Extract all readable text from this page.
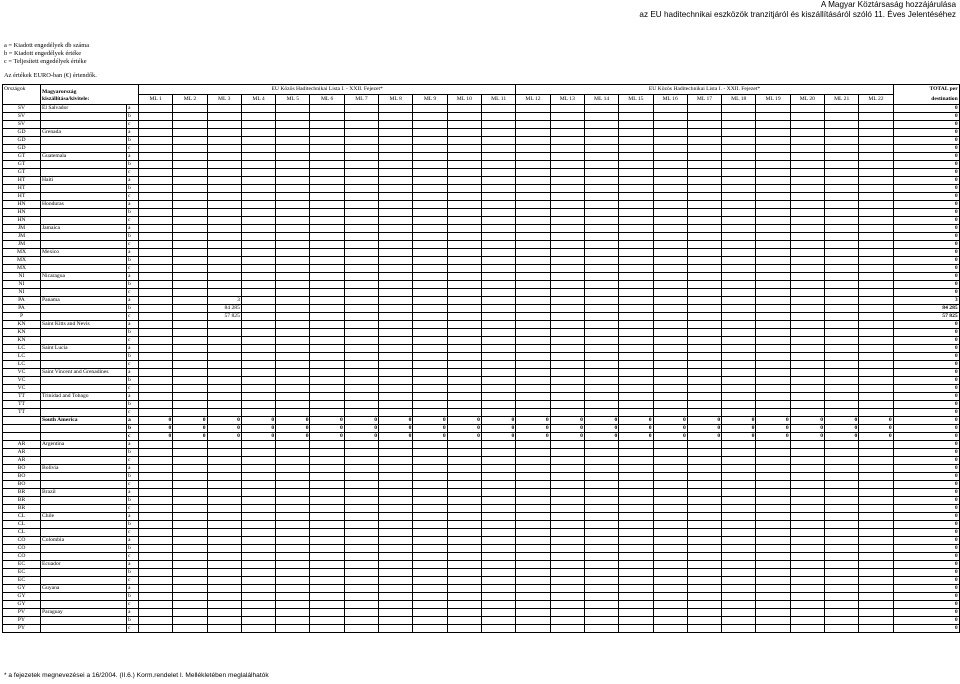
A Magyar Köztársaság hozzájárulása
az EU haditechnikai eszközök tranzitjáról és kiszállításáról szóló 11. Éves Jelentéséhez
a = Kiadott engedélyek db száma
b = Kiadott engedélyek értéke
c = Teljesített engedélyek értéke
Az értékek EURO-ban (€) értendők.
Országok			EU Közös Haditechnikai Lista I. - XXII. Fejezet*											EU Közös Haditechnikai Lista I. - XXII. Fejezet*											TOTAL per

	Magyarország
kiszállítása/kivitele:		ML 1	ML 2	ML 3	ML 4	ML 5	ML 6	ML 7	ML 8	ML 9	ML 10	ML 11	ML 12	ML 13	ML 14	ML 15	ML 16	ML 17	ML 18	ML 19	ML 20	ML 21	ML 22	destination
SV	El Salvador	a																							0
SV		b																							0
SV		c																							0
GD	Grenada	a																							0
GD		b																							0
GD		c																							0
GT	Guatemala	a																							0
GT		b																							0
GT		c																							0
HT	Haiti	a																							0
HT		b																							0
HT		c																							0
HN	Honduras	a																							0
HN		b																							0
HN		c																							0
JM	Jamaica	a																							0
JM		b																							0
JM		c																							0
MX	Mexico	a																							0
MX		b																							0
MX		c																							0
NI	Nicaragua	a																							0
NI		b																							0
NI		c																							0
PA	Panama	a			3																				3
PA		b			84 285																				84 285
P		c			57 825																				57 825
KN	Saint Kitts and Nevis	a																							0
KN		b																							0
KN		c																							0
LC	Saint Lucia	a																							0
LC		b																							0
LC		c																							0
VC	Saint Vincent and Grenadines	a																							0
VC		b																							0
VC		c																							0
TT	Trinidad and Tobago	a																							0
TT		b																							0
TT		c																							0
	South America	a	0	0	0	0	0	0	0	0	0	0	0	0	0	0	0	0	0	0	0	0	0	0	0
		b	0	0	0	0	0	0	0	0	0	0	0	0	0	0	0	0	0	0	0	0	0	0	0
		c	0	0	0	0	0	0	0	0	0	0	0	0	0	0	0	0	0	0	0	0	0	0	0
AR	Argentina	a																							0
AR		b																							0
AR		c																							0
BO	Bolivia	a																							0
BO		b																							0
BO		c																							0
BR	Brazil	a																							0
BR		b																							0
BR		c																							0
CL	Chile	a																							0
CL		b																							0
CL		c																							0
CO	Colombia	a																							0
CO		b																							0
CO		c																							0
EC	Ecuador	a																							0
EC		b																							0
EC		c																							0
GY	Guyana	a																							0
GY		b																							0
GY		c																							0
PV	Paraguay	a																							0
PY		b																							0
PY		c																							0
* a fejezetek megnevezései a 16/2004. (II.6.) Korm.rendelet I. Mellékletében meglalálhatók
